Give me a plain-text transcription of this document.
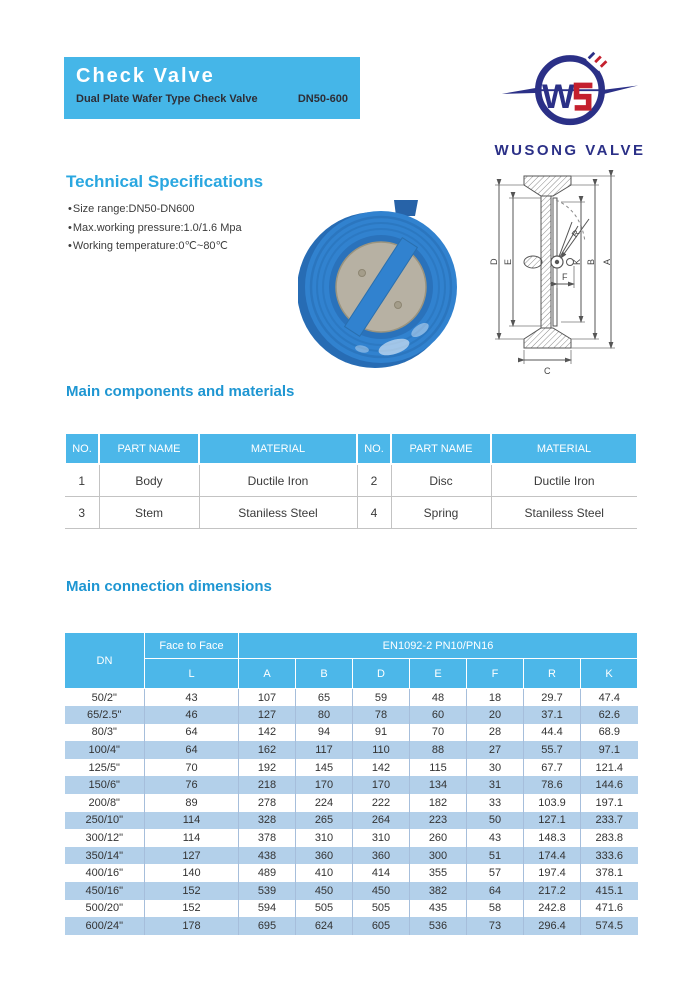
Check Valve
Dual Plate Wafer Type Check Valve	DN50-600	W
WUSONG VALVE
Technical Specifications
• Size range:DN50-DN600
• Max.working pressure:1.0/1.6 Mpa
• Working temperature:0℃~80℃
R
D E	K B A
F
C
Main components and materials
NO.	PART NAME	MATERIAL	NO.	PART NAME	MATERIAL
1	Body	Ductile Iron	2	Disc	Ductile Iron
3	Stem	Staniless Steel	4	Spring	Staniless Steel
Main connection dimensions
DN	Face to Face	EN1092-2 PN10/PN16						
	L	A	B	D	E	F	R	K
50/2"	43	107	65	59	48	18	29.7	47.4
65/2.5"	46	127	80	78	60	20	37.1	62.6
80/3"	64	142	94	91	70	28	44.4	68.9
100/4"	64	162	117	110	88	27	55.7	97.1
125/5"	70	192	145	142	115	30	67.7	121.4
150/6"	76	218	170	170	134	31	78.6	144.6
200/8"	89	278	224	222	182	33	103.9	197.1
250/10"	114	328	265	264	223	50	127.1	233.7
300/12"	114	378	310	310	260	43	148.3	283.8
350/14"	127	438	360	360	300	51	174.4	333.6
400/16"	140	489	410	414	355	57	197.4	378.1
450/16"	152	539	450	450	382	64	217.2	415.1
500/20"	152	594	505	505	435	58	242.8	471.6
600/24"	178	695	624	605	536	73	296.4	574.5
